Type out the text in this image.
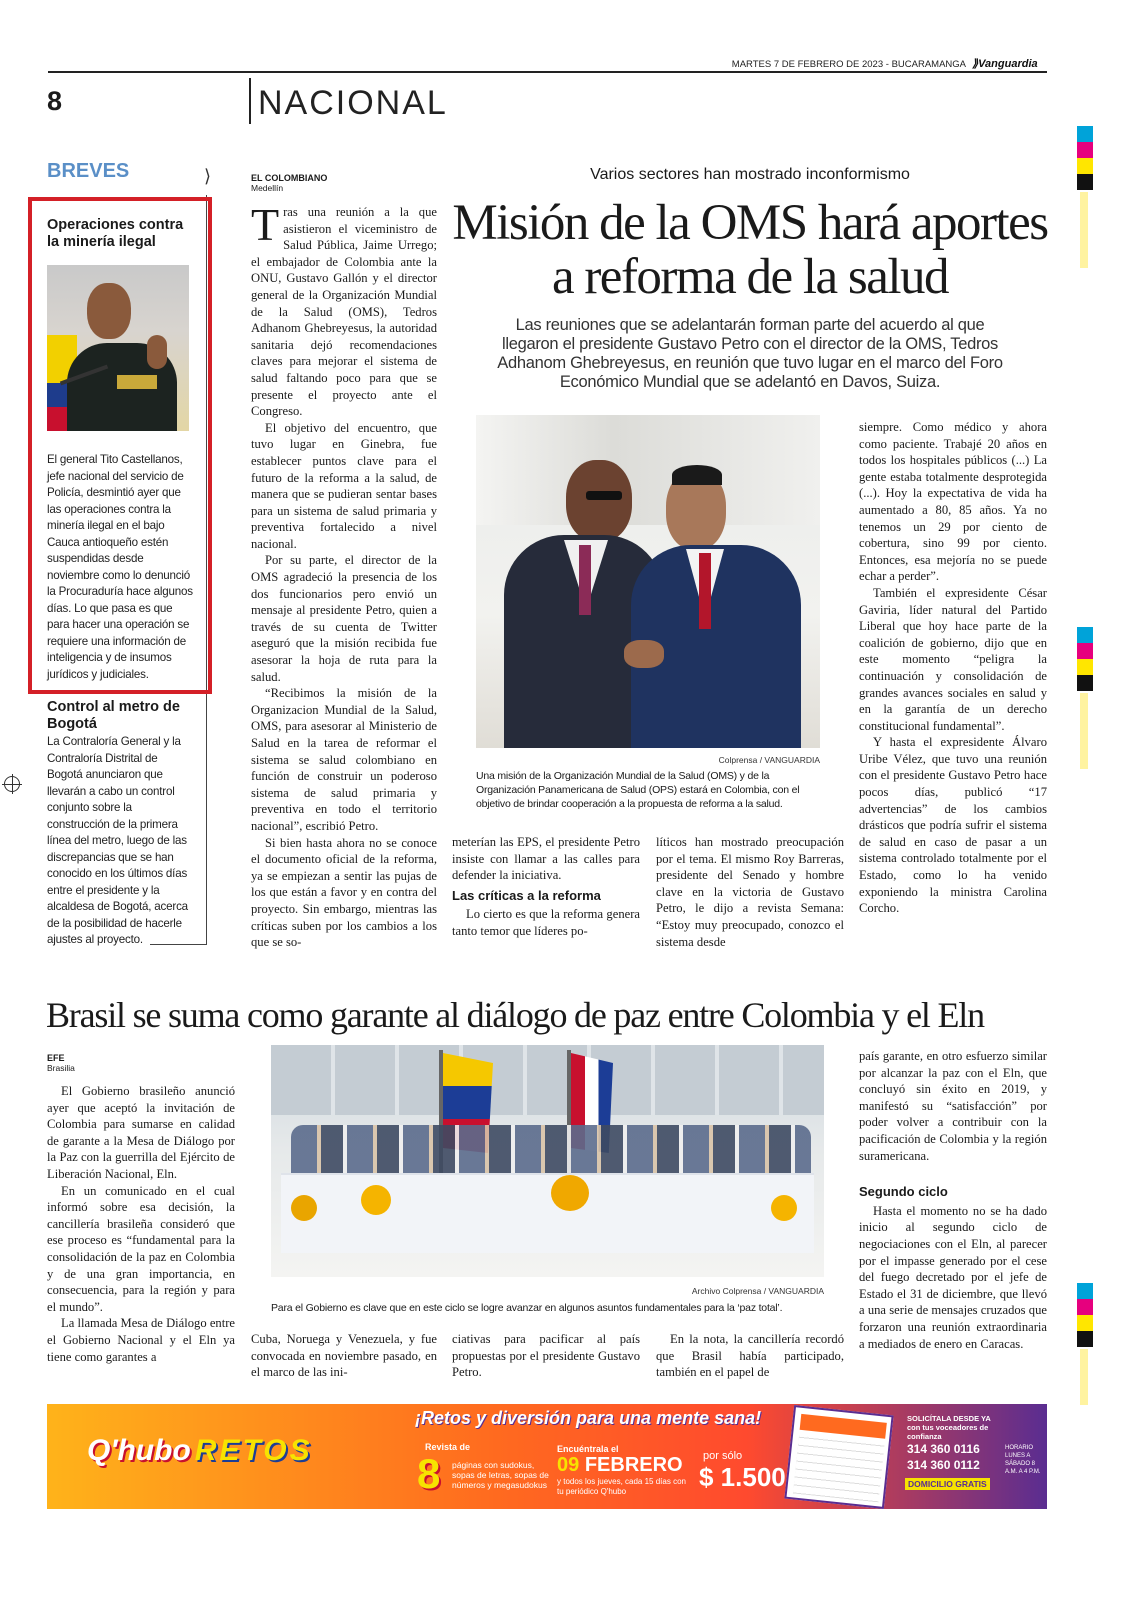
MARTES 7 DE FEBRERO DE 2023 - BUCARAMANGA ⟫Vanguardia
8	NACIONAL
BREVES	⟩
Operaciones contra la minería ilegal
El general Tito Castellanos, jefe nacional del servicio de Policía, desmintió ayer que las operaciones contra la minería ilegal en el bajo Cauca antioqueño estén suspendidas desde noviembre como lo denunció la Procuraduría hace algunos días. Lo que pasa es que para hacer una operación se requiere una información de inteligencia y de insumos jurídicos y judiciales.
Control al metro de Bogotá
La Contraloría General y la Contraloría Distrital de Bogotá anunciaron que llevarán a cabo un control conjunto sobre la construcción de la primera línea del metro, luego de las discrepancias que se han conocido en los últimos días entre el presidente y la alcaldesa de Bogotá, acerca de la posibilidad de hacerle ajustes al proyecto.
EL COLOMBIANO
Medellín
Varios sectores han mostrado inconformismo
Misión de la OMS hará aportes a reforma de la salud
Las reuniones que se adelantarán forman parte del acuerdo al que llegaron el presidente Gustavo Petro con el director de la OMS, Tedros Adhanom Ghebreyesus, en reunión que tuvo lugar en el marco del Foro Económico Mundial que se adelantó en Davos, Suiza.

Tras una reunión a la que asistieron el viceministro de Salud Pública, Jaime Urrego; el embajador de Colombia ante la ONU, Gustavo Gallón y el director general de la Organización Mundial de la Salud (OMS), Tedros Adhanom Ghebreyesus, la autoridad sanitaria dejó recomendaciones claves para mejorar el sistema de salud faltando poco para que se presente el proyecto ante el Congreso.

El objetivo del encuentro, que tuvo lugar en Ginebra, fue establecer puntos clave para el futuro de la reforma a la salud, de manera que se pudieran sentar bases para un sistema de salud primaria y preventiva fortalecido a nivel nacional.

Por su parte, el director de la OMS agradeció la presencia de los dos funcionarios pero envió un mensaje al presidente Petro, quien a través de su cuenta de Twitter aseguró que la misión recibida fue asesorar la hoja de ruta para la salud.

“Recibimos la misión de la Organizacion Mundial de la Salud, OMS, para asesorar al Ministerio de Salud en la tarea de reformar el sistema se salud colombiano en función de construir un poderoso sistema de salud primaria y preventiva en todo el territorio nacional”, escribió Petro.

Si bien hasta ahora no se conoce el documento oficial de la reforma, ya se empiezan a sentir las pujas de los que están a favor y en contra del proyecto. Sin embargo, mientras las críticas suben por los cambios a los que se so-

Colprensa / VANGUARDIA
Una misión de la Organización Mundial de la Salud (OMS) y de la Organización Panamericana de Salud (OPS) estará en Colombia, con el objetivo de brindar cooperación a la propuesta de reforma a la salud.

meterían las EPS, el presidente Petro insiste con llamar a las calles para defender la iniciativa.

Las críticas a la reforma

Lo cierto es que la reforma genera tanto temor que líderes po-

líticos han mostrado preocupación por el tema. El mismo Roy Barreras, presidente del Senado y hombre clave en la victoria de Gustavo Petro, le dijo a revista Semana: “Estoy muy preocupado, conozco el sistema desde

siempre. Como médico y ahora como paciente. Trabajé 20 años en todos los hospitales públicos (...) La gente estaba totalmente desprotegida (...). Hoy la expectativa de vida ha aumentado a 80, 85 años. Ya no tenemos un 29 por ciento de cobertura, sino 99 por ciento. Entonces, esa mejoría no se puede echar a perder”.

También el expresidente César Gaviria, líder natural del Partido Liberal que hoy hace parte de la coalición de gobierno, dijo que en este momento “peligra la continuación y consolidación de grandes avances sociales en salud y en la garantía de un derecho constitucional fundamental”.

Y hasta el expresidente Álvaro Uribe Vélez, que tuvo una reunión con el presidente Gustavo Petro hace pocos días, publicó “17 advertencias” de los cambios drásticos que podría sufrir el sistema de salud en caso de pasar a un sistema controlado totalmente por el Estado, como lo ha venido exponiendo la ministra Carolina Corcho.

Brasil se suma como garante al diálogo de paz entre Colombia y el Eln
EFE
Brasilia

El Gobierno brasileño anunció ayer que aceptó la invitación de Colombia para sumarse en calidad de garante a la Mesa de Diálogo por la Paz con la guerrilla del Ejército de Liberación Nacional, Eln.

En un comunicado en el cual informó sobre esa decisión, la cancillería brasileña consideró que ese proceso es “fundamental para la consolidación de la paz en Colombia y de una gran importancia, en consecuencia, para la región y para el mundo”.

La llamada Mesa de Diálogo entre el Gobierno Nacional y el Eln ya tiene como garantes a

Archivo Colprensa / VANGUARDIA
Para el Gobierno es clave que en este ciclo se logre avanzar en algunos asuntos fundamentales para la ‘paz total’.

Cuba, Noruega y Venezuela, y fue convocada en noviembre pasado, en el marco de las ini-

ciativas para pacificar al país propuestas por el presidente Gustavo Petro.

En la nota, la cancillería recordó que Brasil había participado, también en el papel de

país garante, en otro esfuerzo similar por alcanzar la paz con el Eln, que concluyó sin éxito en 2019, y manifestó su “satisfacción” por poder volver a contribuir con la pacificación de Colombia y la región suramericana.

Segundo ciclo

Hasta el momento no se ha dado inicio al segundo ciclo de negociaciones con el Eln, al parecer por el impasse generado por el cese del fuego decretado por el jefe de Estado el 31 de diciembre, que llevó a una serie de mensajes cruzados que forzaron una reunión extraordinaria a mediados de enero en Caracas.

¡Retos y diversión para una mente sana!
Q'hubo RETOS	Revista de
8 páginas con sudokus, sopas de letras, sopas de números y megasudokus
Encuéntrala el
09 FEBRERO
y todos los jueves, cada 15 días con tu periódico Q'hubo
por sólo
$ 1.500
SOLICÍTALA DESDE YA con tus voceadores de confianza
314 360 0116
314 360 0112
DOMICILIO GRATIS
HORARIO LUNES A SÁBADO 8 A.M. A 4 P.M.
